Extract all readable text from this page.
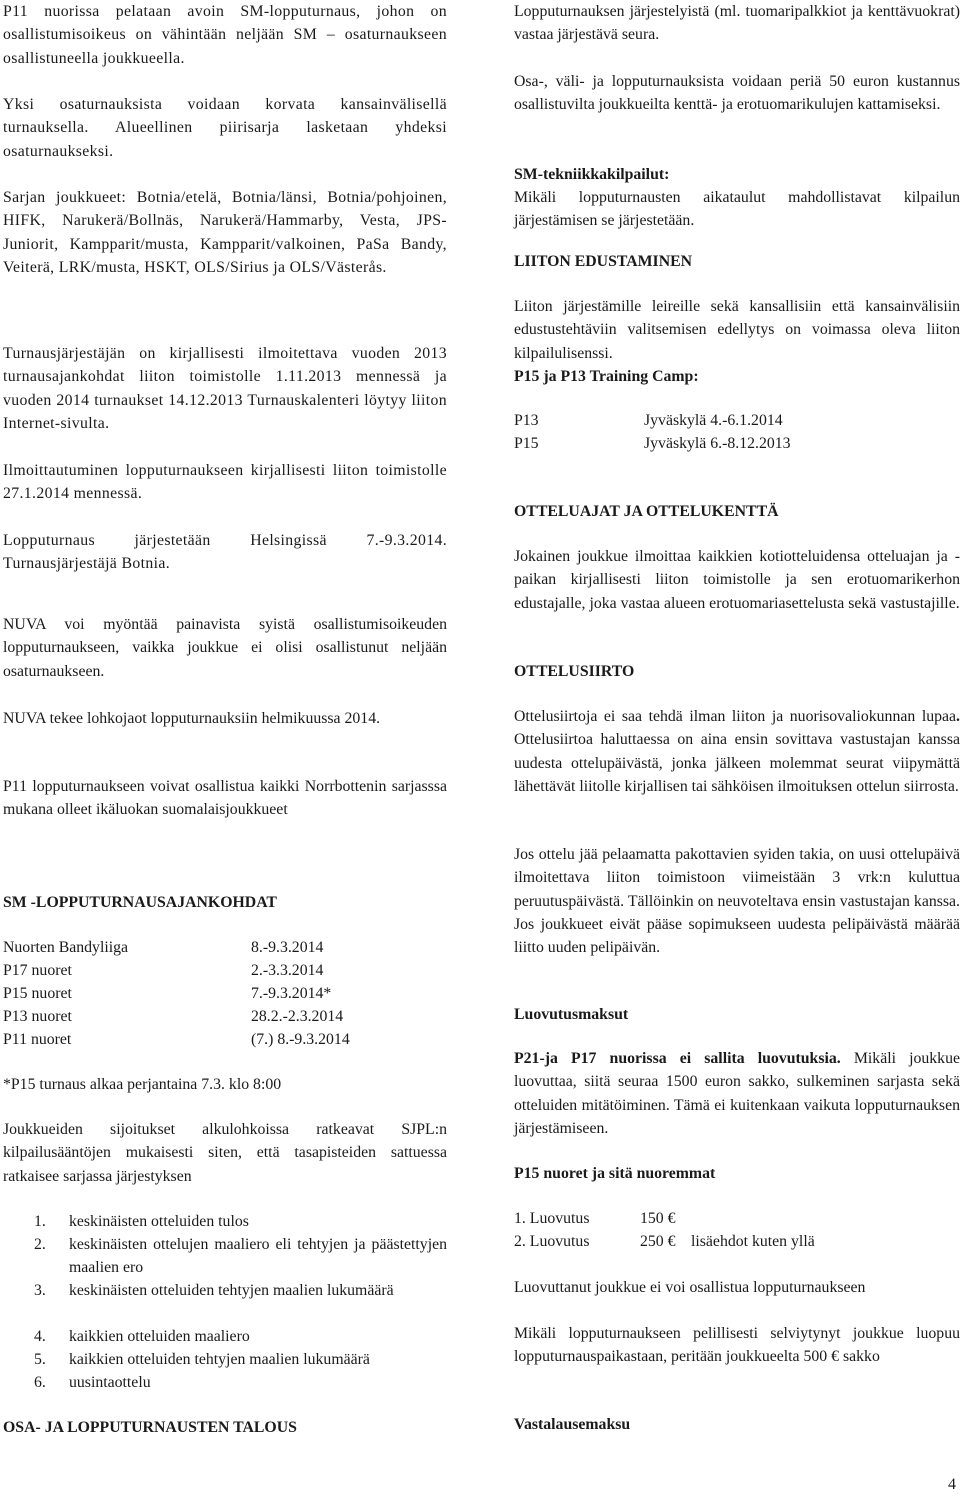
P11 nuorissa pelataan avoin SM-lopputurnaus, johon on osallistumisoikeus on vähintään neljään SM – osaturnaukseen osallistuneella joukkueella.

Yksi osaturnauksista voidaan korvata kansainvälisellä turnauksella. Alueellinen piirisarja lasketaan yhdeksi osaturnaukseksi.

Sarjan joukkueet: Botnia/etelä, Botnia/länsi, Botnia/pohjoinen, HIFK, Narukerä/Bollnäs, Narukerä/Hammarby, Vesta, JPS-Juniorit, Kampparit/musta, Kampparit/valkoinen, PaSa Bandy, Veiterä, LRK/musta, HSKT, OLS/Sirius ja OLS/Västerås.

Turnausjärjestäjän on kirjallisesti ilmoitettava vuoden 2013 turnausajankohdat liiton toimistolle 1.11.2013 mennessä ja vuoden 2014 turnaukset 14.12.2013 Turnauskalenteri löytyy liiton Internet-sivulta.

Ilmoittautuminen lopputurnaukseen kirjallisesti liiton toimistolle 27.1.2014 mennessä.

Lopputurnaus järjestetään Helsingissä 7.-9.3.2014. Turnausjärjestäjä Botnia.

NUVA voi myöntää painavista syistä osallistumisoikeuden lopputurnaukseen, vaikka joukkue ei olisi osallistunut neljään osaturnaukseen.

NUVA tekee lohkojaot lopputurnauksiin helmikuussa 2014.

P11 lopputurnaukseen voivat osallistua kaikki Norrbottenin sarjasssa mukana olleet ikäluokan suomalaisjoukkueet

SM -LOPPUTURNAUSAJANKOHDAT

Nuorten Bandyliiga	8.-9.3.2014
P17 nuoret	2.-3.3.2014
P15 nuoret	7.-9.3.2014*
P13 nuoret	28.2.-2.3.2014
P11 nuoret	(7.) 8.-9.3.2014

*P15 turnaus alkaa perjantaina 7.3. klo 8:00

Joukkueiden sijoitukset alkulohkoissa ratkeavat SJPL:n kilpailusääntöjen mukaisesti siten, että tasapisteiden sattuessa ratkaisee sarjassa järjestyksen

1. keskinäisten otteluiden tulos
2. keskinäisten ottelujen maaliero eli tehtyjen ja päästettyjen maalien ero
3. keskinäisten otteluiden tehtyjen maalien lukumäärä
4. kaikkien otteluiden maaliero
5. kaikkien otteluiden tehtyjen maalien lukumäärä
6. uusintaottelu

OSA- JA LOPPUTURNAUSTEN TALOUS

Lopputurnauksen järjestelyistä (ml. tuomaripalkkiot ja kenttävuokrat) vastaa järjestävä seura.

Osa-, väli- ja lopputurnauksista voidaan periä 50 euron kustannus osallistuvilta joukkueilta kenttä- ja erotuomarikulujen kattamiseksi.

SM-tekniikkakilpailut:

Mikäli lopputurnausten aikataulut mahdollistavat kilpailun järjestämisen se järjestetään.

LIITON EDUSTAMINEN

Liiton järjestämille leireille sekä kansallisiin että kansainvälisiin edustustehtäviin valitsemisen edellytys on voimassa oleva liiton kilpailulisenssi.

P15 ja P13 Training Camp:

P13	Jyväskylä 4.-6.1.2014
P15	Jyväskylä 6.-8.12.2013

OTTELUAJAT JA OTTELUKENTTÄ

Jokainen joukkue ilmoittaa kaikkien kotiotteluidensa otteluajan ja -paikan kirjallisesti liiton toimistolle ja sen erotuomarikerhon edustajalle, joka vastaa alueen erotuomariasettelusta sekä vastustajille.

OTTELUSIIRTO

Ottelusiirtoja ei saa tehdä ilman liiton ja nuorisovaliokunnan lupaa. Ottelusiirtoa haluttaessa on aina ensin sovittava vastustajan kanssa uudesta ottelupäivästä, jonka jälkeen molemmat seurat viipymättä lähettävät liitolle kirjallisen tai sähköisen ilmoituksen ottelun siirrosta.

Jos ottelu jää pelaamatta pakottavien syiden takia, on uusi ottelupäivä ilmoitettava liiton toimistoon viimeistään 3 vrk:n kuluttua peruutuspäivästä. Tällöinkin on neuvoteltava ensin vastustajan kanssa. Jos joukkueet eivät pääse sopimukseen uudesta pelipäivästä määrää liitto uuden pelipäivän.

Luovutusmaksut

P21-ja P17 nuorissa ei sallita luovutuksia. Mikäli joukkue luovuttaa, siitä seuraa 1500 euron sakko, sulkeminen sarjasta sekä otteluiden mitätöiminen. Tämä ei kuitenkaan vaikuta lopputurnauksen järjestämiseen.

P15 nuoret ja sitä nuoremmat

1. Luovutus	150 €
2. Luovutus	250 € lisäehdot kuten yllä

Luovuttanut joukkue ei voi osallistua lopputurnaukseen

Mikäli lopputurnaukseen pelillisesti selviytynyt joukkue luopuu lopputurnauspaikastaan, peritään joukkueelta 500 € sakko

Vastalausemaksu

4
